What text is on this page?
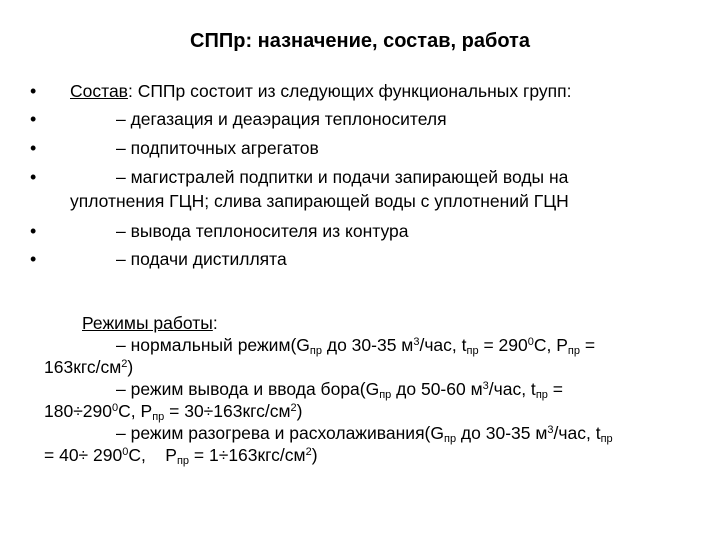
СППр: назначение, состав, работа
•
•
•
•
•
•
Состав: СППр состоит из следующих функциональных групп:
– дегазация и деаэрация теплоносителя
– подпиточных агрегатов
– магистралей подпитки и подачи запирающей воды на
уплотнения ГЦН; слива запирающей воды с уплотнений ГЦН
– вывода теплоносителя из контура
– подачи дистиллята
Режимы работы:
– нормальный $режим(G_{пр}$ до 30-35 $м^3$/час, $t_{пр} = 290^0С$, $Р_{пр}$ =
$163кгс/см^2$)
– режим вывода и ввода $бора(G_{пр}$ до 50-60 $м^3$/час, $t_{пр}$ =
$180\div 290^0С$, $Р_{пр} = 30\div 163кгс/см^2$)
– режим разогрева и $расхолаживания(G_{пр}$ до 30-35 $м^3$/час, $t_{пр}$
= $40\div 290^0С$,    $Р_{пр} = 1\div 163кгс/см^2$)
